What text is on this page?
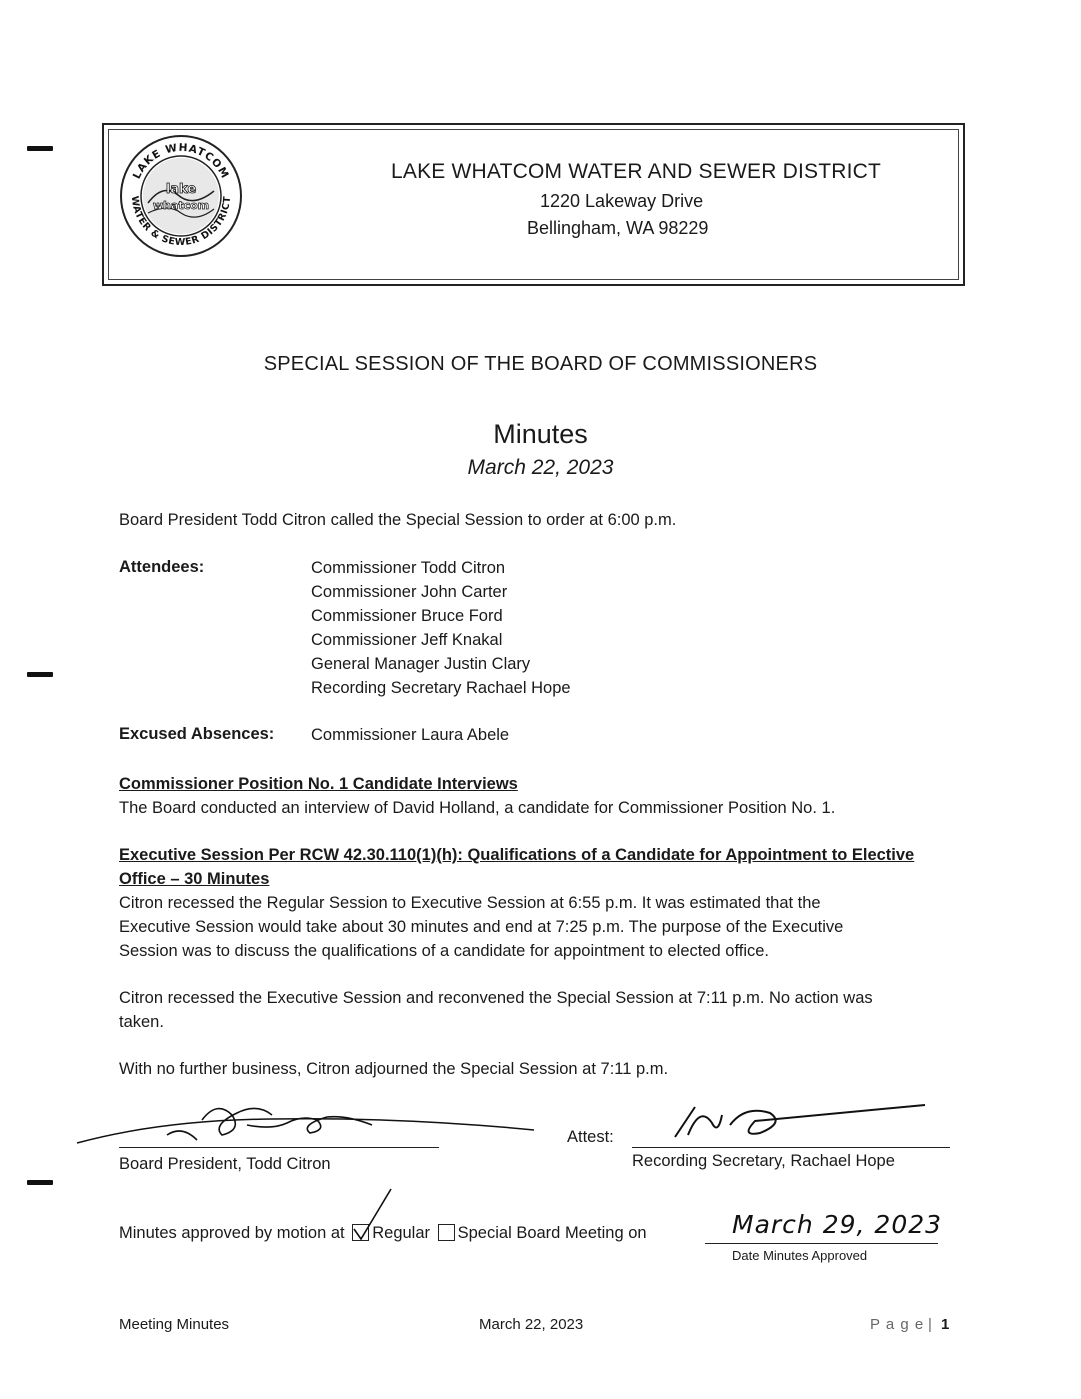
LAKE WHATCOM
WATER & SEWER DISTRICT
lake
whatcom
LAKE WHATCOM WATER AND SEWER DISTRICT
1220 Lakeway Drive
Bellingham, WA 98229
SPECIAL SESSION OF THE BOARD OF COMMISSIONERS
Minutes
March 22, 2023
Board President Todd Citron called the Special Session to order at 6:00 p.m.
Attendees:	Commissioner Todd Citron
Commissioner John Carter
Commissioner Bruce Ford
Commissioner Jeff Knakal
General Manager Justin Clary
Recording Secretary Rachael Hope
Excused Absences: Commissioner Laura Abele
Commissioner Position No. 1 Candidate Interviews
The Board conducted an interview of David Holland, a candidate for Commissioner Position No. 1.
Executive Session Per RCW 42.30.110(1)(h): Qualifications of a Candidate for Appointment to Elective
Office – 30 Minutes
Citron recessed the Regular Session to Executive Session at 6:55 p.m. It was estimated that the
Executive Session would take about 30 minutes and end at 7:25 p.m. The purpose of the Executive
Session was to discuss the qualifications of a candidate for appointment to elected office.
Citron recessed the Executive Session and reconvened the Special Session at 7:11 p.m. No action was
taken.
With no further business, Citron adjourned the Special Session at 7:11 p.m.
Board President, Todd Citron
Attest:
Recording Secretary, Rachael Hope
Minutes approved by motion at Regular Special Board Meeting on	March 29, 2023
Date Minutes Approved
Meeting Minutes	March 22, 2023	P a g e | 1
